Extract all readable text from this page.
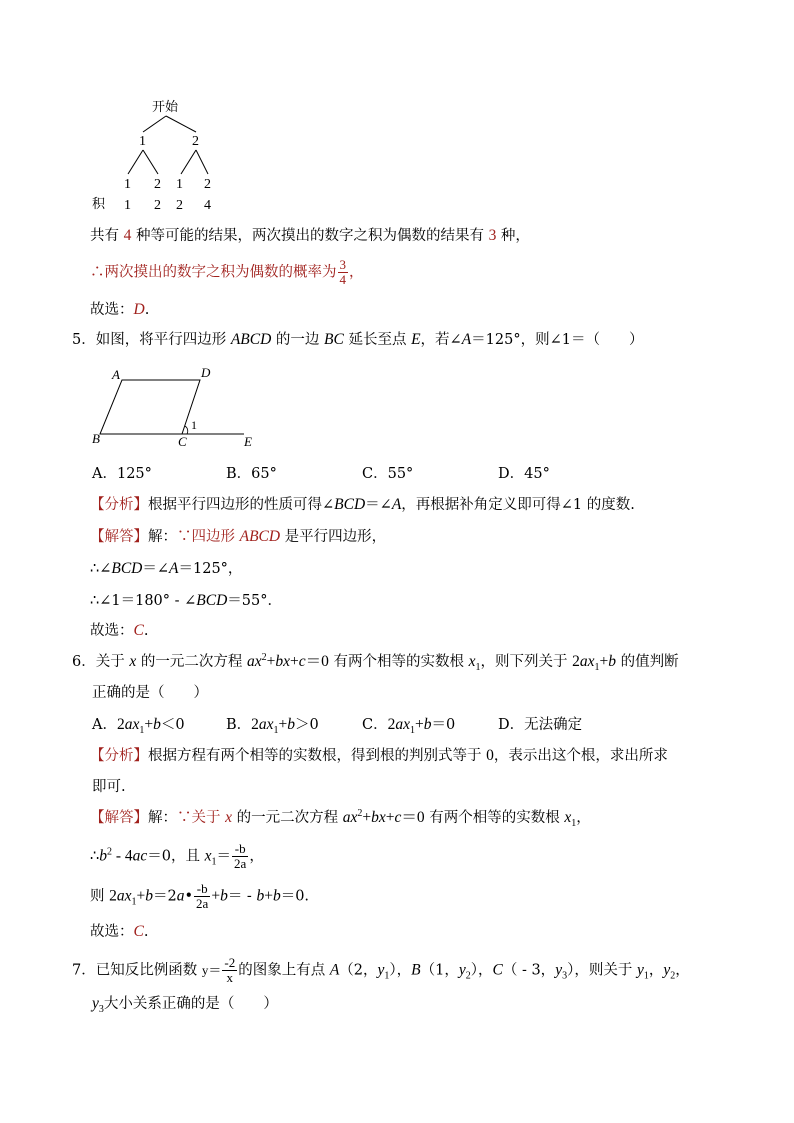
开始
1	2
1 2 1 2
积 1 2 2 4
共有 4 种等可能的结果，两次摸出的数字之积为偶数的结果有 3 种，
∴两次摸出的数字之积为偶数的概率为 $\frac{3}{4}$ ，
故选：D.
5．如图，将平行四边形 ABCD 的一边 BC 延长至点 E，若∠A＝125°，则∠1＝（　　）
A	D
B	C	E
1
A．125°	B．65°	C．55°	D．45°
【分析】根据平行四边形的性质可得∠BCD＝∠A，再根据补角定义即可得∠1 的度数.
【解答】解：∵四边形 ABCD 是平行四边形，
∴∠BCD＝∠A＝125°，
∴∠1＝180° - ∠BCD＝55°．
故选：C.
6．关于 x 的一元二次方程 $ax^2+bx+c=0$ 有两个相等的实数根 $x_1$，则下列关于 $2ax_1+b$ 的值判断
正确的是（　　）
A．$2ax_1+b<0$	B．$2ax_1+b>0$	C．$2ax_1+b=0$	D．无法确定
【分析】根据方程有两个相等的实数根，得到根的判别式等于 0，表示出这个根，求出所求
即可.
【解答】解：∵关于 x 的一元二次方程 $ax^2+bx+c=0$ 有两个相等的实数根 $x_1$，
$\therefore b^2 - 4ac=0$，且 $x_1= \frac{-b}{2a}$ ，
则 $2ax_1+b=2a• \frac{-b}{2a} +b= - b+b=0$.
故选：C.
7．已知反比例函数 $y= \frac{-2}{x}$ 的图象上有点 A（2，$y_1$），B（1，$y_2$），C（ - 3，$y_3$），则关于 $y_1$，$y_2$，
$y_3$大小关系正确的是（　　）
